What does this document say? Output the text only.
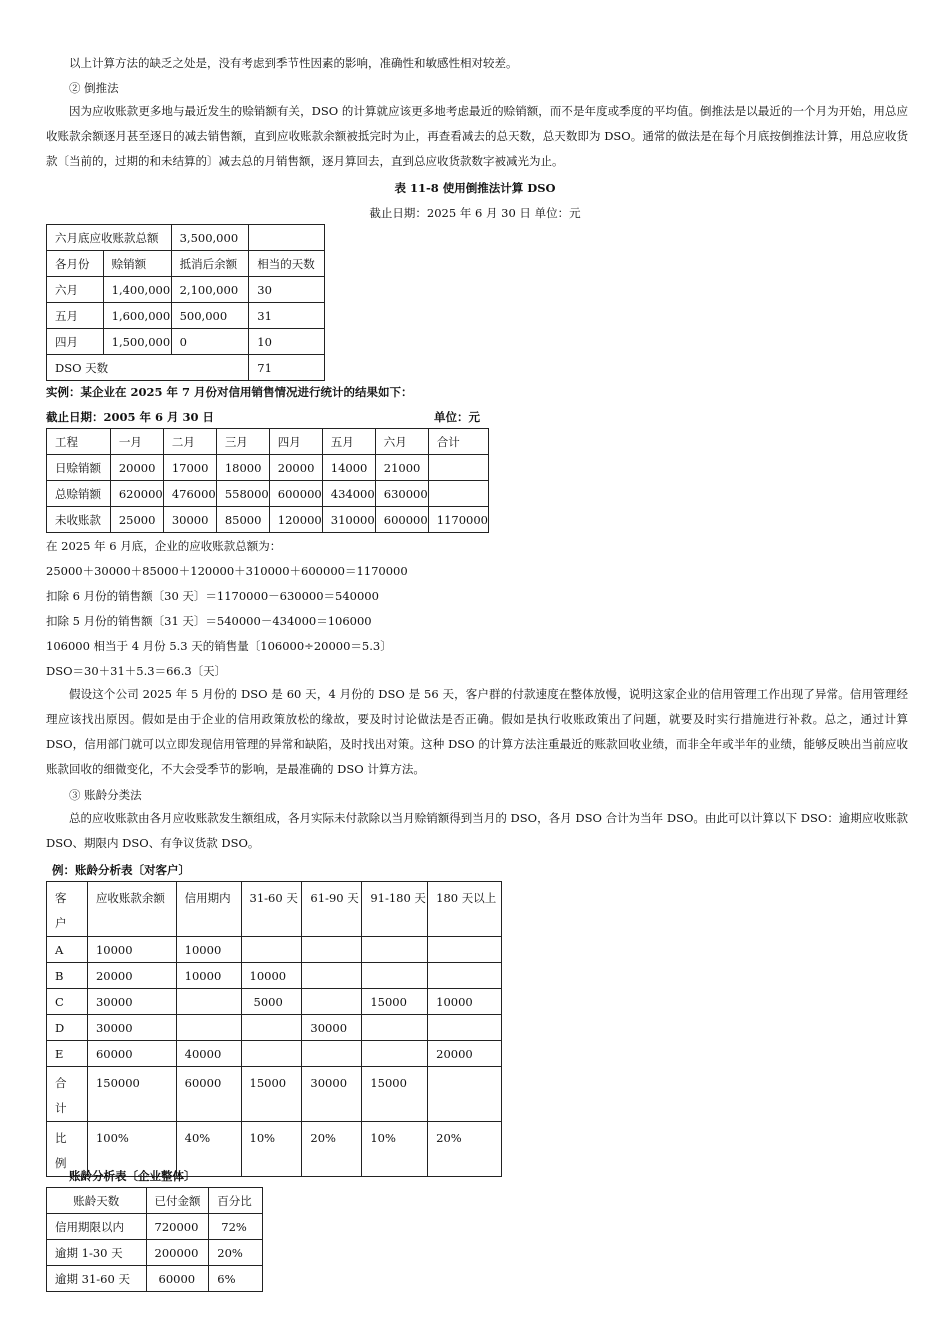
以上计算方法的缺乏之处是，没有考虑到季节性因素的影响，准确性和敏感性相对较差。
② 倒推法
因为应收账款更多地与最近发生的赊销额有关，DSO 的计算就应该更多地考虑最近的赊销额，而不是年度或季度的平均值。倒推法是以最近的一个月为开始，用总应收账款余额逐月甚至逐日的减去销售额，直到应收账款余额被抵完时为止，再查看减去的总天数，总天数即为 DSO。通常的做法是在每个月底按倒推法计算，用总应收货款〔当前的，过期的和未结算的〕减去总的月销售额，逐月算回去，直到总应收货款数字被减光为止。
表 11-8 使用倒推法计算 DSO
截止日期：2025 年 6 月 30 日 单位：元
六月底应收账款总额		3,500,000	
各月份	赊销额	抵消后余额	相当的天数
六月	1,400,000	2,100,000	30
五月	1,600,000	500,000	31
四月	1,500,000	0	10
DSO 天数			71
实例：某企业在 2025 年 7 月份对信用销售情况进行统计的结果如下：
截止日期：2005 年 6 月 30 日	单位：元
工程	一月	二月	三月	四月	五月	六月	合计
日赊销额	20000	17000	18000	20000	14000	21000	
总赊销额	620000	476000	558000	600000	434000	630000	
未收账款	25000	30000	85000	120000	310000	600000	1170000
在 2025 年 6 月底，企业的应收账款总额为：
25000＋30000＋85000＋120000＋310000＋600000＝1170000
扣除 6 月份的销售额〔30 天〕＝1170000－630000＝540000
扣除 5 月份的销售额〔31 天〕＝540000－434000＝106000
106000 相当于 4 月份 5.3 天的销售量〔106000÷20000＝5.3〕
DSO＝30＋31＋5.3＝66.3〔天〕
假设这个公司 2025 年 5 月份的 DSO 是 60 天，4 月份的 DSO 是 56 天，客户群的付款速度在整体放慢，说明这家企业的信用管理工作出现了异常。信用管理经理应该找出原因。假如是由于企业的信用政策放松的缘故，要及时讨论做法是否正确。假如是执行收账政策出了问题，就要及时实行措施进行补救。总之，通过计算 DSO，信用部门就可以立即发现信用管理的异常和缺陷，及时找出对策。这种 DSO 的计算方法注重最近的账款回收业绩，而非全年或半年的业绩，能够反映出当前应收账款回收的细微变化，不大会受季节的影响，是最准确的 DSO 计算方法。
③ 账龄分类法
总的应收账款由各月应收账款发生额组成，各月实际未付款除以当月赊销额得到当月的 DSO，各月 DSO 合计为当年 DSO。由此可以计算以下 DSO：逾期应收账款 DSO、期限内 DSO、有争议货款 DSO。
例：账龄分析表〔对客户〕
客户	应收账款余额	信用期内	31-60 天	61-90 天	91-180 天	180 天以上
A	10000	10000				
B	20000	10000	10000			
C	30000		5000		15000	10000
D	30000			30000		
E	60000	40000				20000
合计	150000	60000	15000	30000	15000	
比例	100%	40%	10%	20%	10%	20%
账龄分析表〔企业整体〕
账龄天数	已付金额	百分比
信用期限以内	720000	72%
逾期 1-30 天	200000	20%
逾期 31-60 天	60000	6%
